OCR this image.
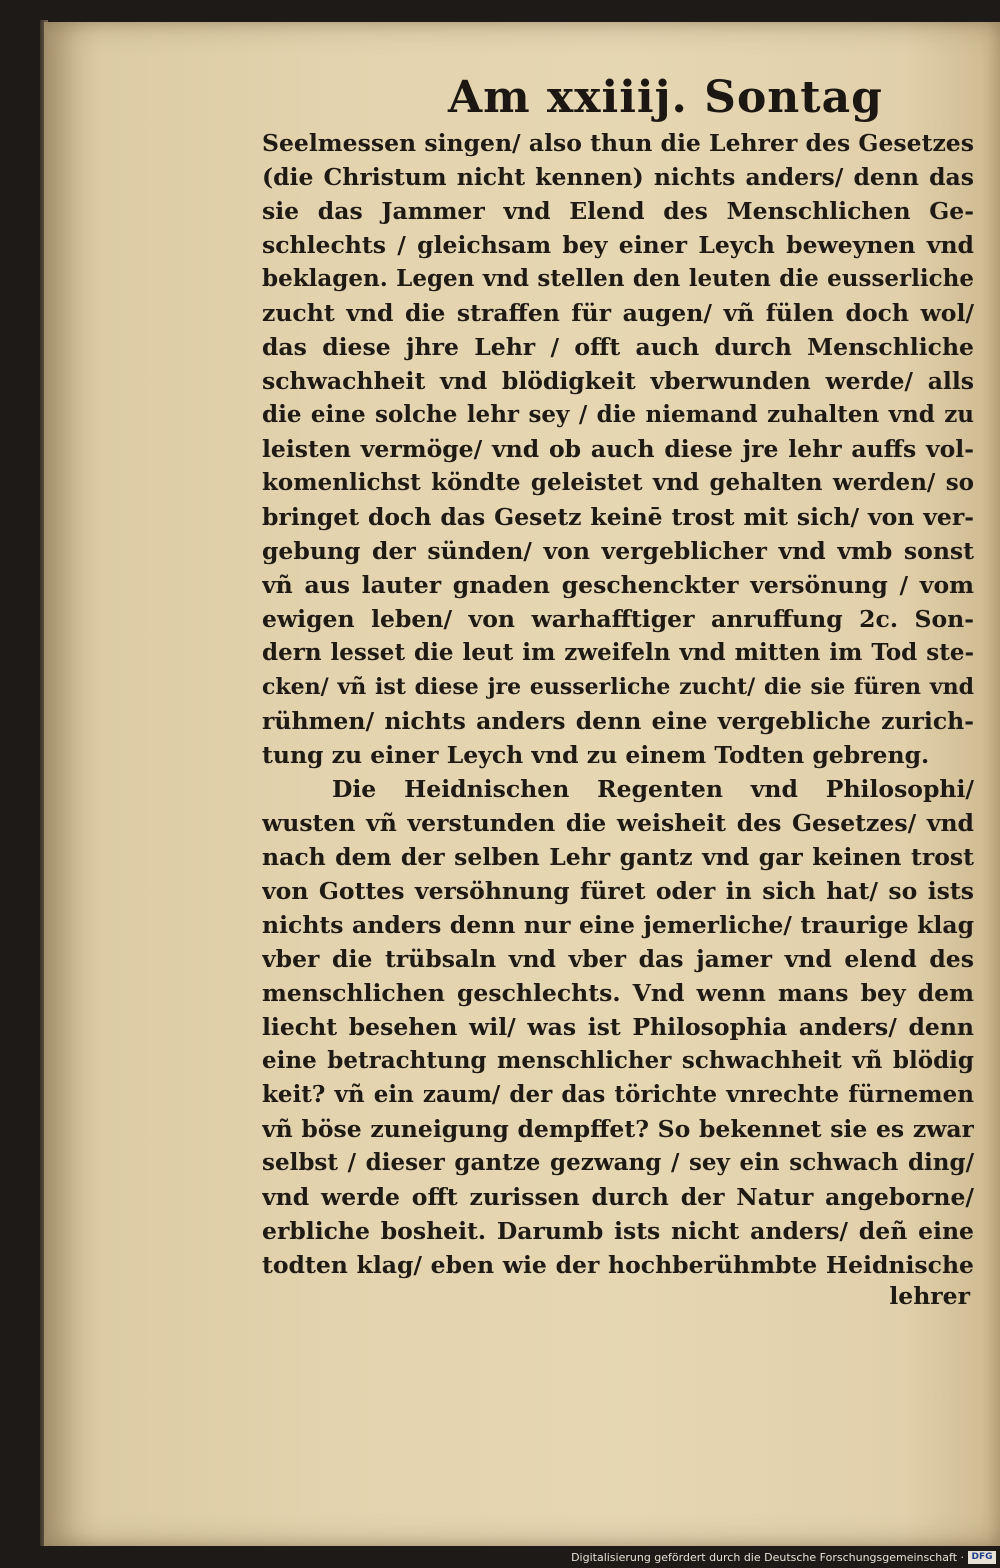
Am xxiiij. Sontag
Seelmessen singen/ also thun die Lehrer des Gesetzes
(die Christum nicht kennen) nichts anders/ denn das
sie das Jammer vnd Elend des Menschlichen Ge-
schlechts / gleichsam bey einer Leych beweynen vnd
beklagen. Legen vnd stellen den leuten die eusserliche
zucht vnd die straffen für augen/ vñ fülen doch wol/
das diese jhre Lehr / offt auch durch Menschliche
schwachheit vnd blödigkeit vberwunden werde/ alls
die eine solche lehr sey / die niemand zuhalten vnd zu
leisten vermöge/ vnd ob auch diese jre lehr auffs vol-
komenlichst köndte geleistet vnd gehalten werden/ so
bringet doch das Gesetz keinē trost mit sich/ von ver-
gebung der sünden/ von vergeblicher vnd vmb sonst
vñ aus lauter gnaden geschenckter versönung / vom
ewigen leben/ von warhafftiger anruffung 2c. Son-
dern lesset die leut im zweifeln vnd mitten im Tod ste-
cken/ vñ ist diese jre eusserliche zucht/ die sie füren vnd
rühmen/ nichts anders denn eine vergebliche zurich-
tung zu einer Leych vnd zu einem Todten gebreng.
Die Heidnischen Regenten vnd Philosophi/
wusten vñ verstunden die weisheit des Gesetzes/ vnd
nach dem der selben Lehr gantz vnd gar keinen trost
von Gottes versöhnung füret oder in sich hat/ so ists
nichts anders denn nur eine jemerliche/ traurige klag
vber die trübsaln vnd vber das jamer vnd elend des
menschlichen geschlechts. Vnd wenn mans bey dem
liecht besehen wil/ was ist Philosophia anders/ denn
eine betrachtung menschlicher schwachheit vñ blödig
keit? vñ ein zaum/ der das törichte vnrechte fürnemen
vñ böse zuneigung dempffet? So bekennet sie es zwar
selbst / dieser gantze gezwang / sey ein schwach ding/
vnd werde offt zurissen durch der Natur angeborne/
erbliche bosheit. Darumb ists nicht anders/ deñ eine
todten klag/ eben wie der hochberühmbte Heidnische
lehrer
Digitalisierung gefördert durch die Deutsche Forschungsgemeinschaft · DFG
